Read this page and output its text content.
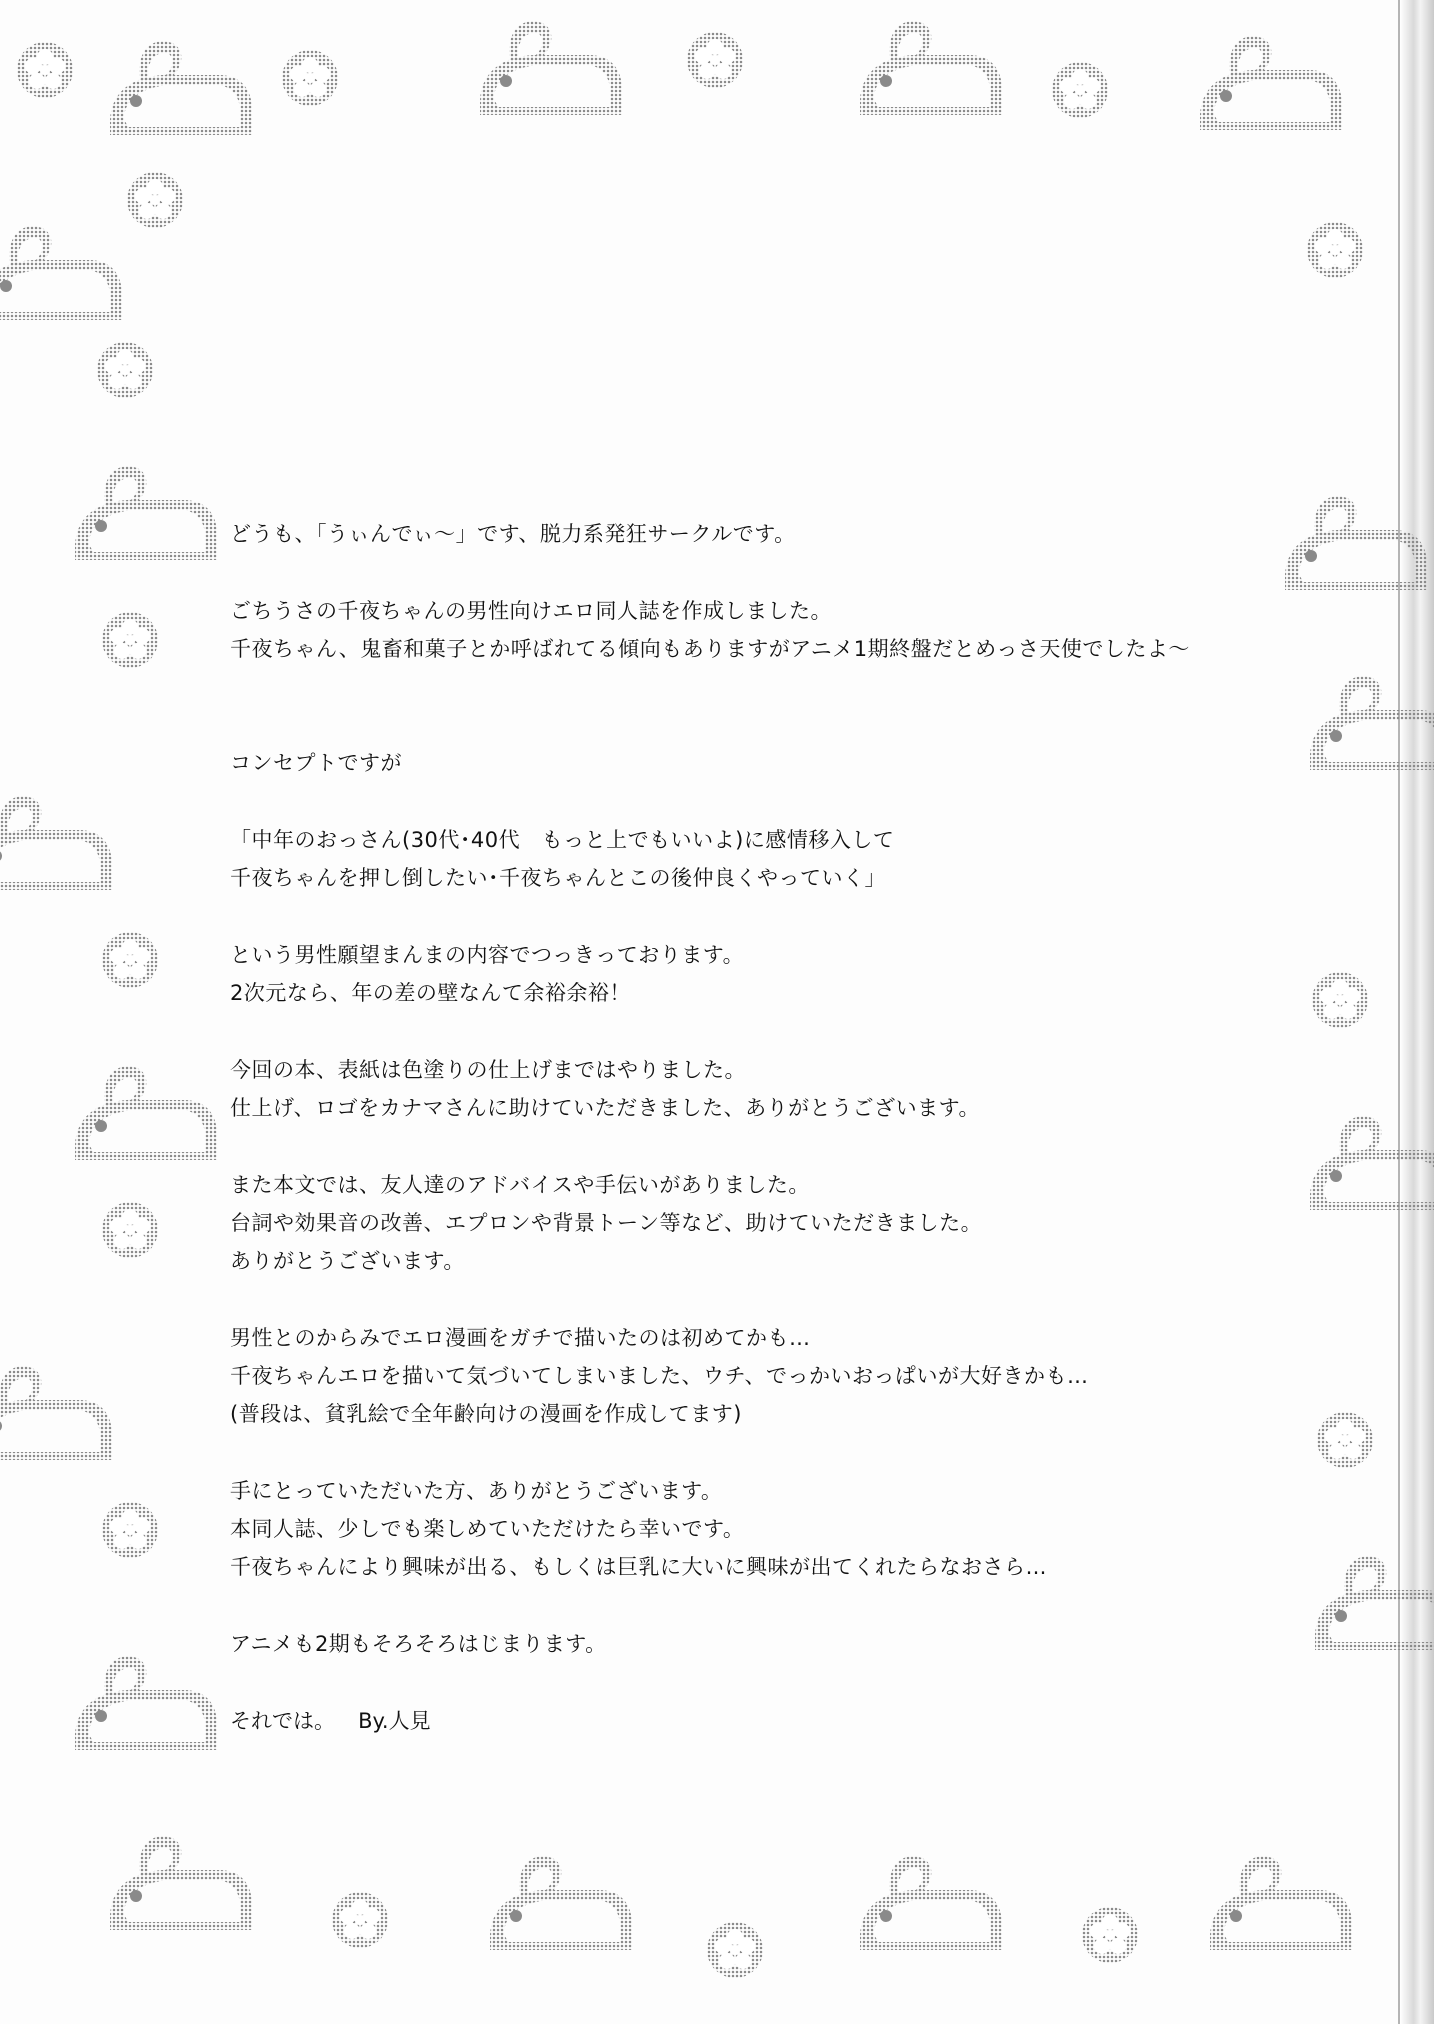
どうも、「うぃんでぃ〜」です、脱力系発狂サークルです。
ごちうさの千夜ちゃんの男性向けエロ同人誌を作成しました。
千夜ちゃん、鬼畜和菓子とか呼ばれてる傾向もありますがアニメ1期終盤だとめっさ天使でしたよ〜
コンセプトですが
「中年のおっさん(30代･40代　もっと上でもいいよ)に感情移入して
千夜ちゃんを押し倒したい･千夜ちゃんとこの後仲良くやっていく」
という男性願望まんまの内容でつっきっております。
2次元なら、年の差の壁なんて余裕余裕！
今回の本、表紙は色塗りの仕上げまではやりました。
仕上げ、ロゴをカナマさんに助けていただきました、ありがとうございます。
また本文では、友人達のアドバイスや手伝いがありました。
台詞や効果音の改善、エプロンや背景トーン等など、助けていただきました。
ありがとうございます。
男性とのからみでエロ漫画をガチで描いたのは初めてかも…
千夜ちゃんエロを描いて気づいてしまいました、ウチ、でっかいおっぱいが大好きかも…
(普段は、貧乳絵で全年齢向けの漫画を作成してます)
手にとっていただいた方、ありがとうございます。
本同人誌、少しでも楽しめていただけたら幸いです。
千夜ちゃんにより興味が出る、もしくは巨乳に大いに興味が出てくれたらなおさら…
アニメも2期もそろそろはじまります。
それでは。 By.人見
